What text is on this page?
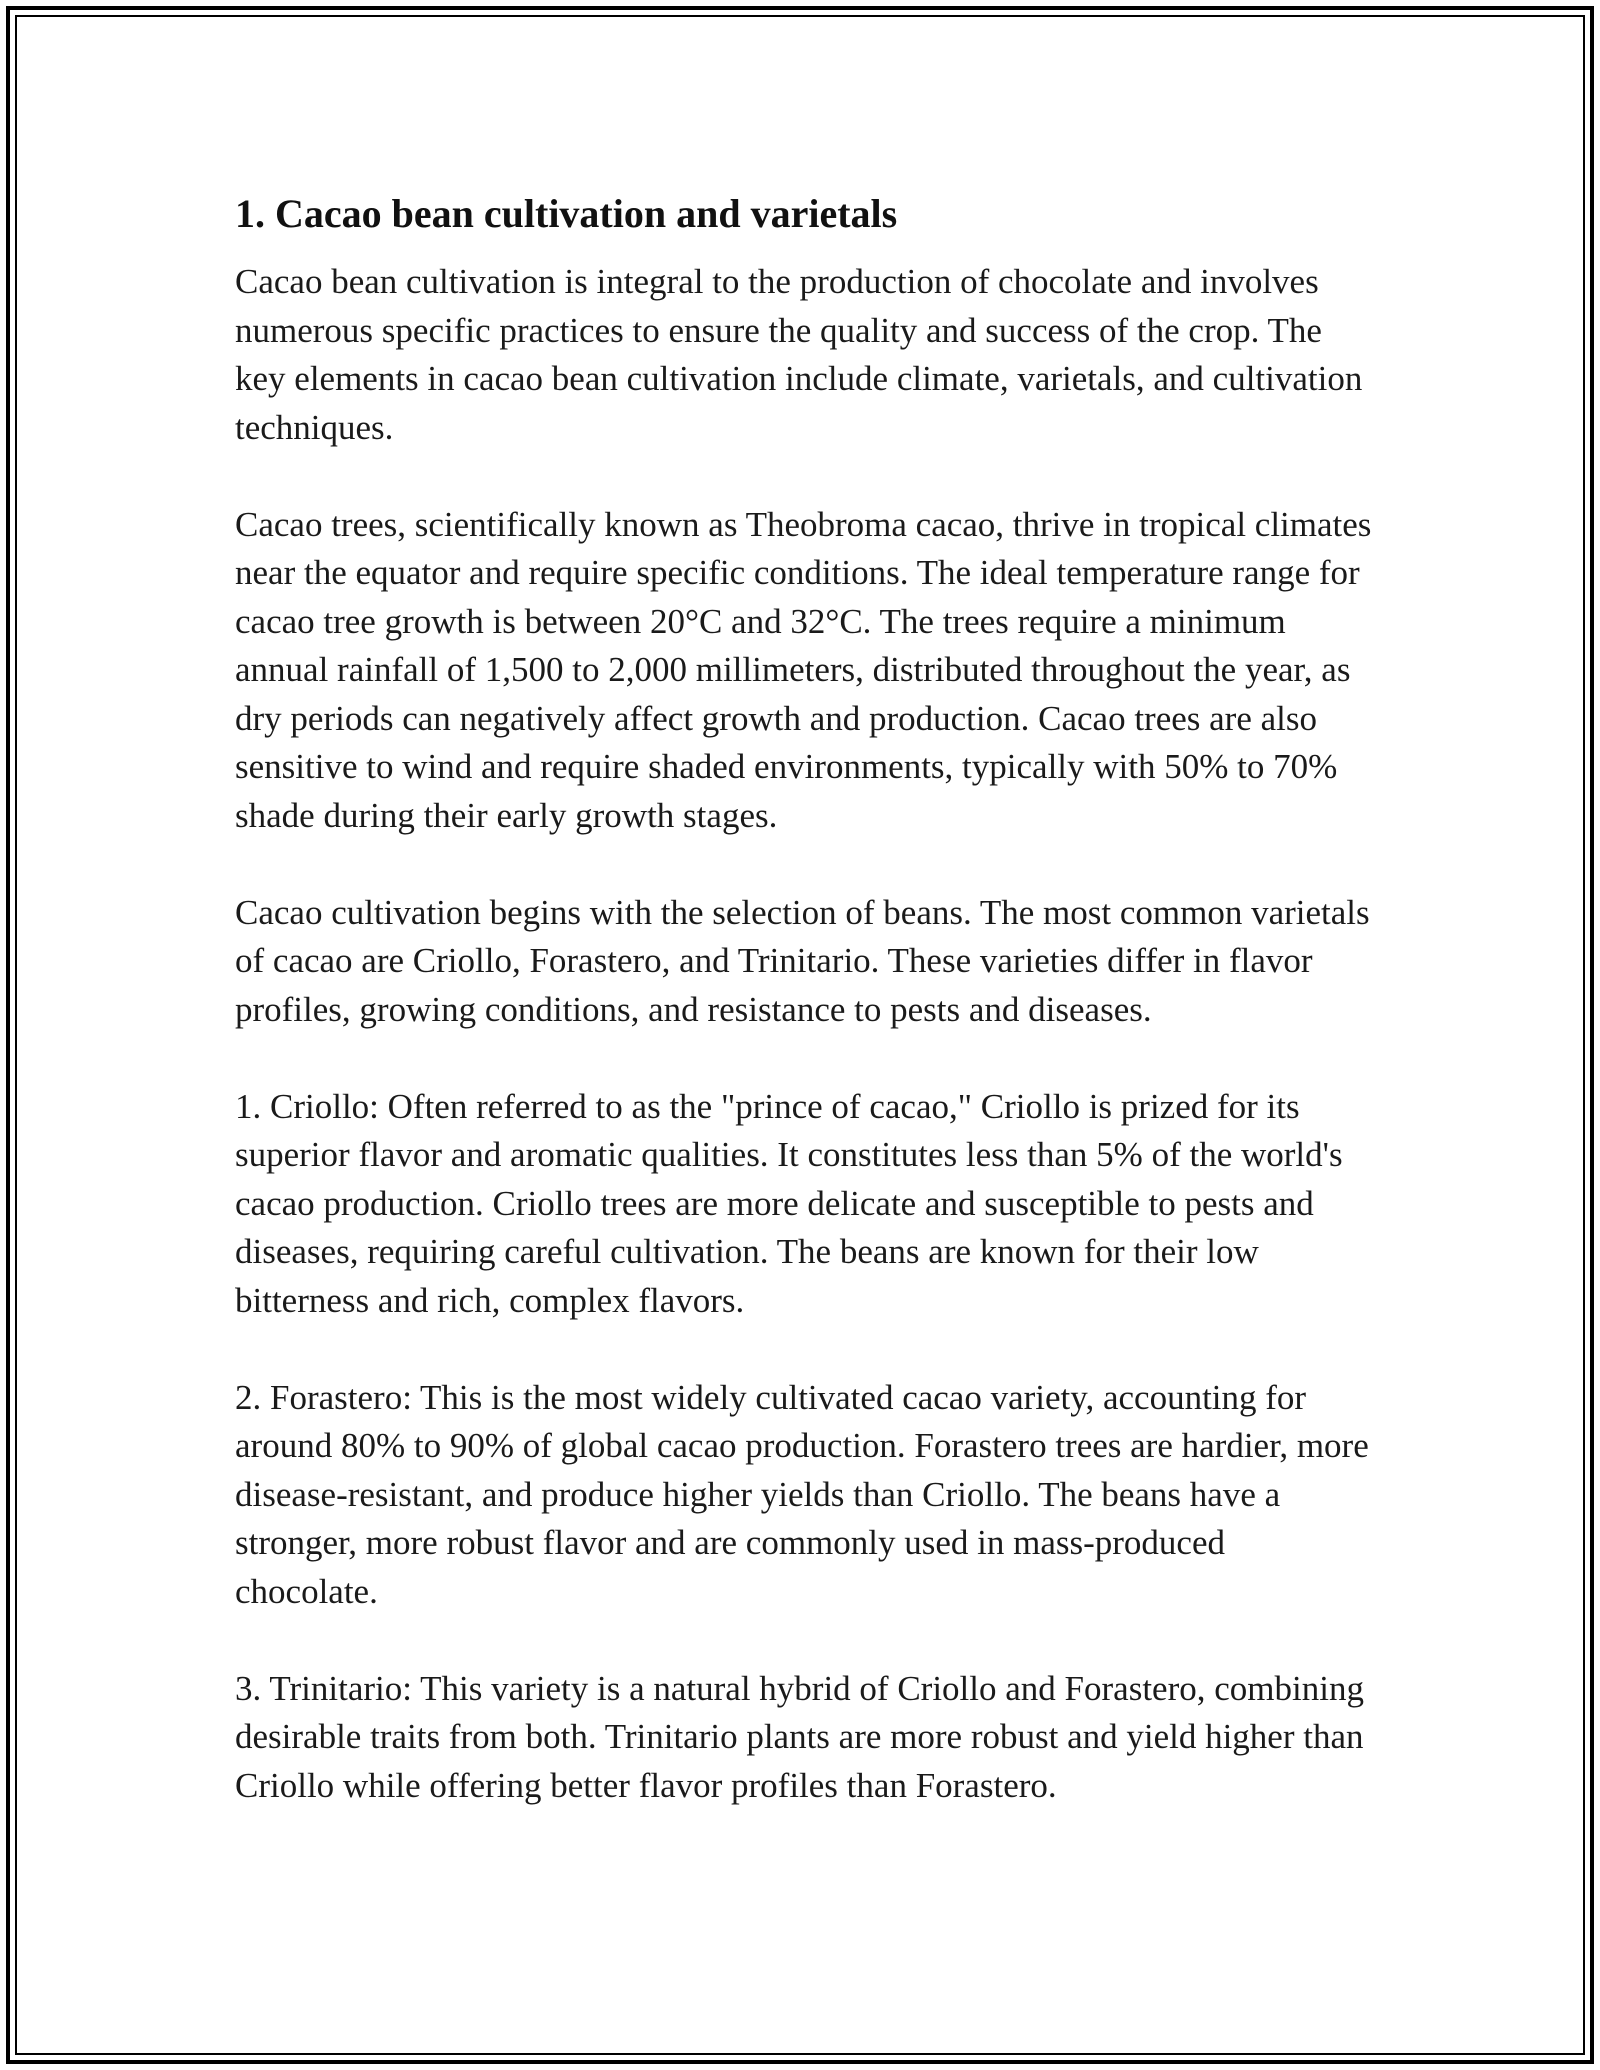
1. Cacao bean cultivation and varietals

Cacao bean cultivation is integral to the production of chocolate and involves numerous specific practices to ensure the quality and success of the crop. The key elements in cacao bean cultivation include climate, varietals, and cultivation techniques.

Cacao trees, scientifically known as Theobroma cacao, thrive in tropical climates near the equator and require specific conditions. The ideal temperature range for cacao tree growth is between 20°C and 32°C. The trees require a minimum annual rainfall of 1,500 to 2,000 millimeters, distributed throughout the year, as dry periods can negatively affect growth and production. Cacao trees are also sensitive to wind and require shaded environments, typically with 50% to 70% shade during their early growth stages.

Cacao cultivation begins with the selection of beans. The most common varietals of cacao are Criollo, Forastero, and Trinitario. These varieties differ in flavor profiles, growing conditions, and resistance to pests and diseases.

1. Criollo: Often referred to as the "prince of cacao," Criollo is prized for its superior flavor and aromatic qualities. It constitutes less than 5% of the world's cacao production. Criollo trees are more delicate and susceptible to pests and diseases, requiring careful cultivation. The beans are known for their low bitterness and rich, complex flavors.

2. Forastero: This is the most widely cultivated cacao variety, accounting for around 80% to 90% of global cacao production. Forastero trees are hardier, more disease-resistant, and produce higher yields than Criollo. The beans have a stronger, more robust flavor and are commonly used in mass-produced chocolate.

3. Trinitario: This variety is a natural hybrid of Criollo and Forastero, combining desirable traits from both. Trinitario plants are more robust and yield higher than Criollo while offering better flavor profiles than Forastero.
